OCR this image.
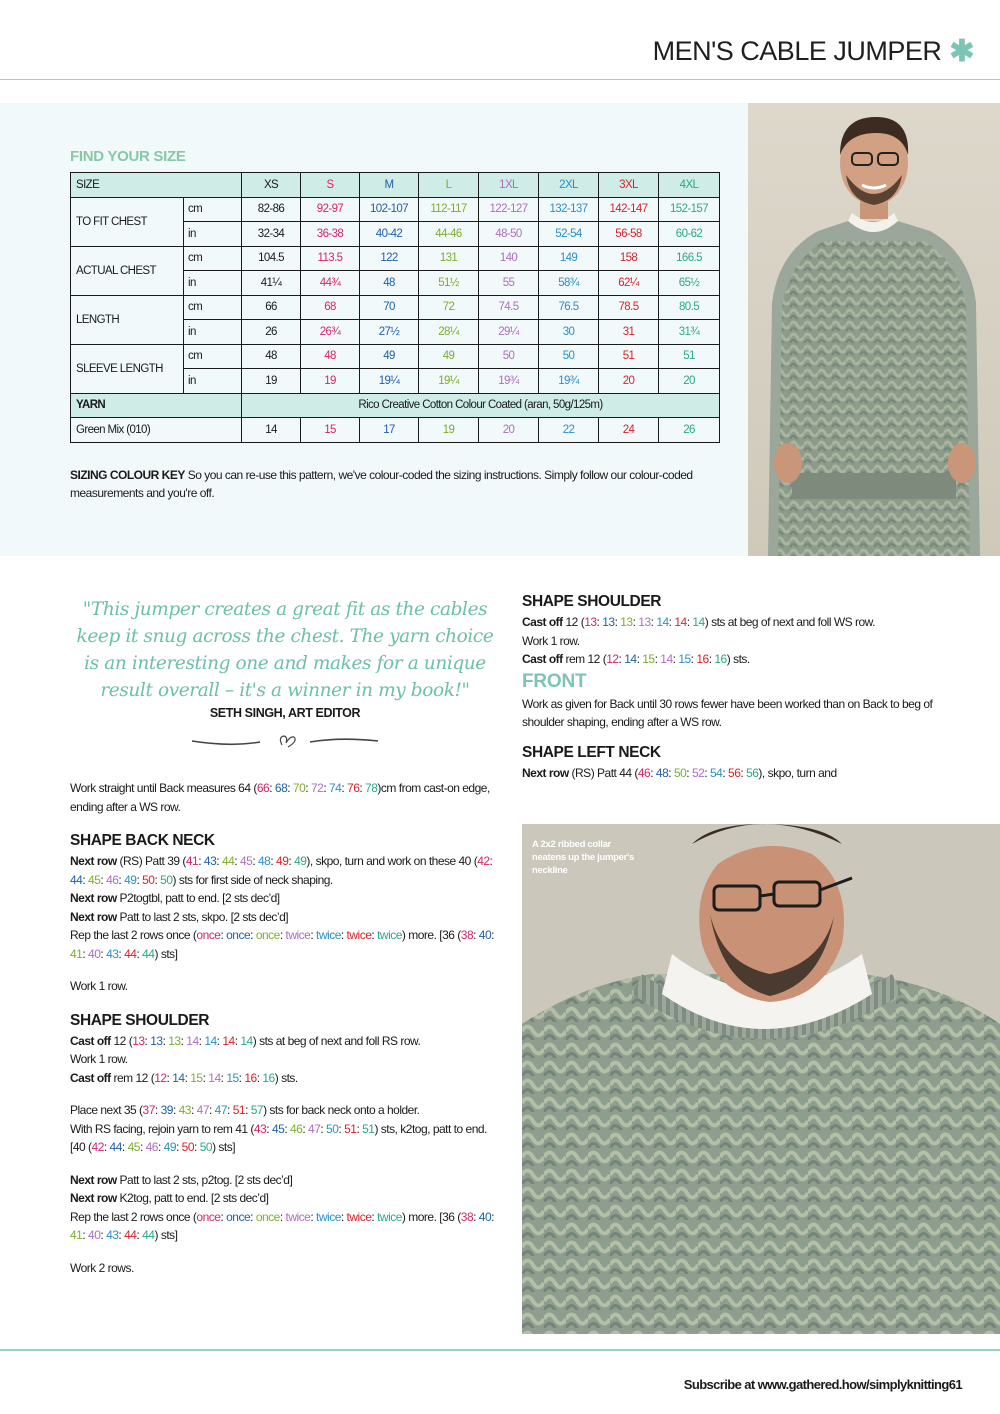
MEN'S CABLE JUMPER ✱
FIND YOUR SIZE
SIZE		XS	S	M	L	1XL	2XL	3XL	4XL
TO FIT CHEST	cm	82-86	92-97	102-107	112-117	122-127	132-137	142-147	152-157
	in	32-34	36-38	40-42	44-46	48-50	52-54	56-58	60-62
ACTUAL CHEST	cm	104.5	113.5	122	131	140	149	158	166.5
	in	41¼	44¾	48	51½	55	58¾	62¼	65½
LENGTH	cm	66	68	70	72	74.5	76.5	78.5	80.5
	in	26	26¾	27½	28¼	29¼	30	31	31¾
SLEEVE LENGTH	cm	48	48	49	49	50	50	51	51
	in	19	19	19¼	19¼	19¾	19¾	20	20
YARN		Rico Creative Cotton Colour Coated (aran, 50g/125m)							
Green Mix (010)		14	15	17	19	20	22	24	26
SIZING COLOUR KEY So you can re-use this pattern, we've colour-coded the sizing instructions. Simply follow our colour-coded measurements and you're off.
"This jumper creates a great fit as the cables keep it snug across the chest. The yarn choice is an interesting one and makes for a unique result overall – it's a winner in my book!"
SETH SINGH, ART EDITOR

Work straight until Back measures 64 (66: 68: 70: 72: 74: 76: 78)cm from cast-on edge, ending after a WS row.

SHAPE BACK NECK

Next row (RS) Patt 39 (41: 43: 44: 45: 48: 49: 49), skpo, turn and work on these 40 (42: 44: 45: 46: 49: 50: 50) sts for first side of neck shaping.
Next row P2togtbl, patt to end. [2 sts dec’d]
Next row Patt to last 2 sts, skpo. [2 sts dec’d]
Rep the last 2 rows once (once: once: once: twice: twice: twice: twice) more. [36 (38: 40: 41: 40: 43: 44: 44) sts]

Work 1 row.

SHAPE SHOULDER

Cast off 12 (13: 13: 13: 14: 14: 14: 14) sts at beg of next and foll RS row.
Work 1 row.
Cast off rem 12 (12: 14: 15: 14: 15: 16: 16) sts.

Place next 35 (37: 39: 43: 47: 47: 51: 57) sts for back neck onto a holder.
With RS facing, rejoin yarn to rem 41 (43: 45: 46: 47: 50: 51: 51) sts, k2tog, patt to end. [40 (42: 44: 45: 46: 49: 50: 50) sts]

Next row Patt to last 2 sts, p2tog. [2 sts dec’d]
Next row K2tog, patt to end. [2 sts dec’d]
Rep the last 2 rows once (once: once: once: twice: twice: twice: twice) more. [36 (38: 40: 41: 40: 43: 44: 44) sts]

Work 2 rows.

SHAPE SHOULDER

Cast off 12 (13: 13: 13: 13: 14: 14: 14) sts at beg of next and foll WS row.
Work 1 row.
Cast off rem 12 (12: 14: 15: 14: 15: 16: 16) sts.

FRONT

Work as given for Back until 30 rows fewer have been worked than on Back to beg of shoulder shaping, ending after a WS row.

SHAPE LEFT NECK

Next row (RS) Patt 44 (46: 48: 50: 52: 54: 56: 56), skpo, turn and

A 2x2 ribbed collar neatens up the jumper's neckline
Subscribe at www.gathered.how/simplyknitting61
